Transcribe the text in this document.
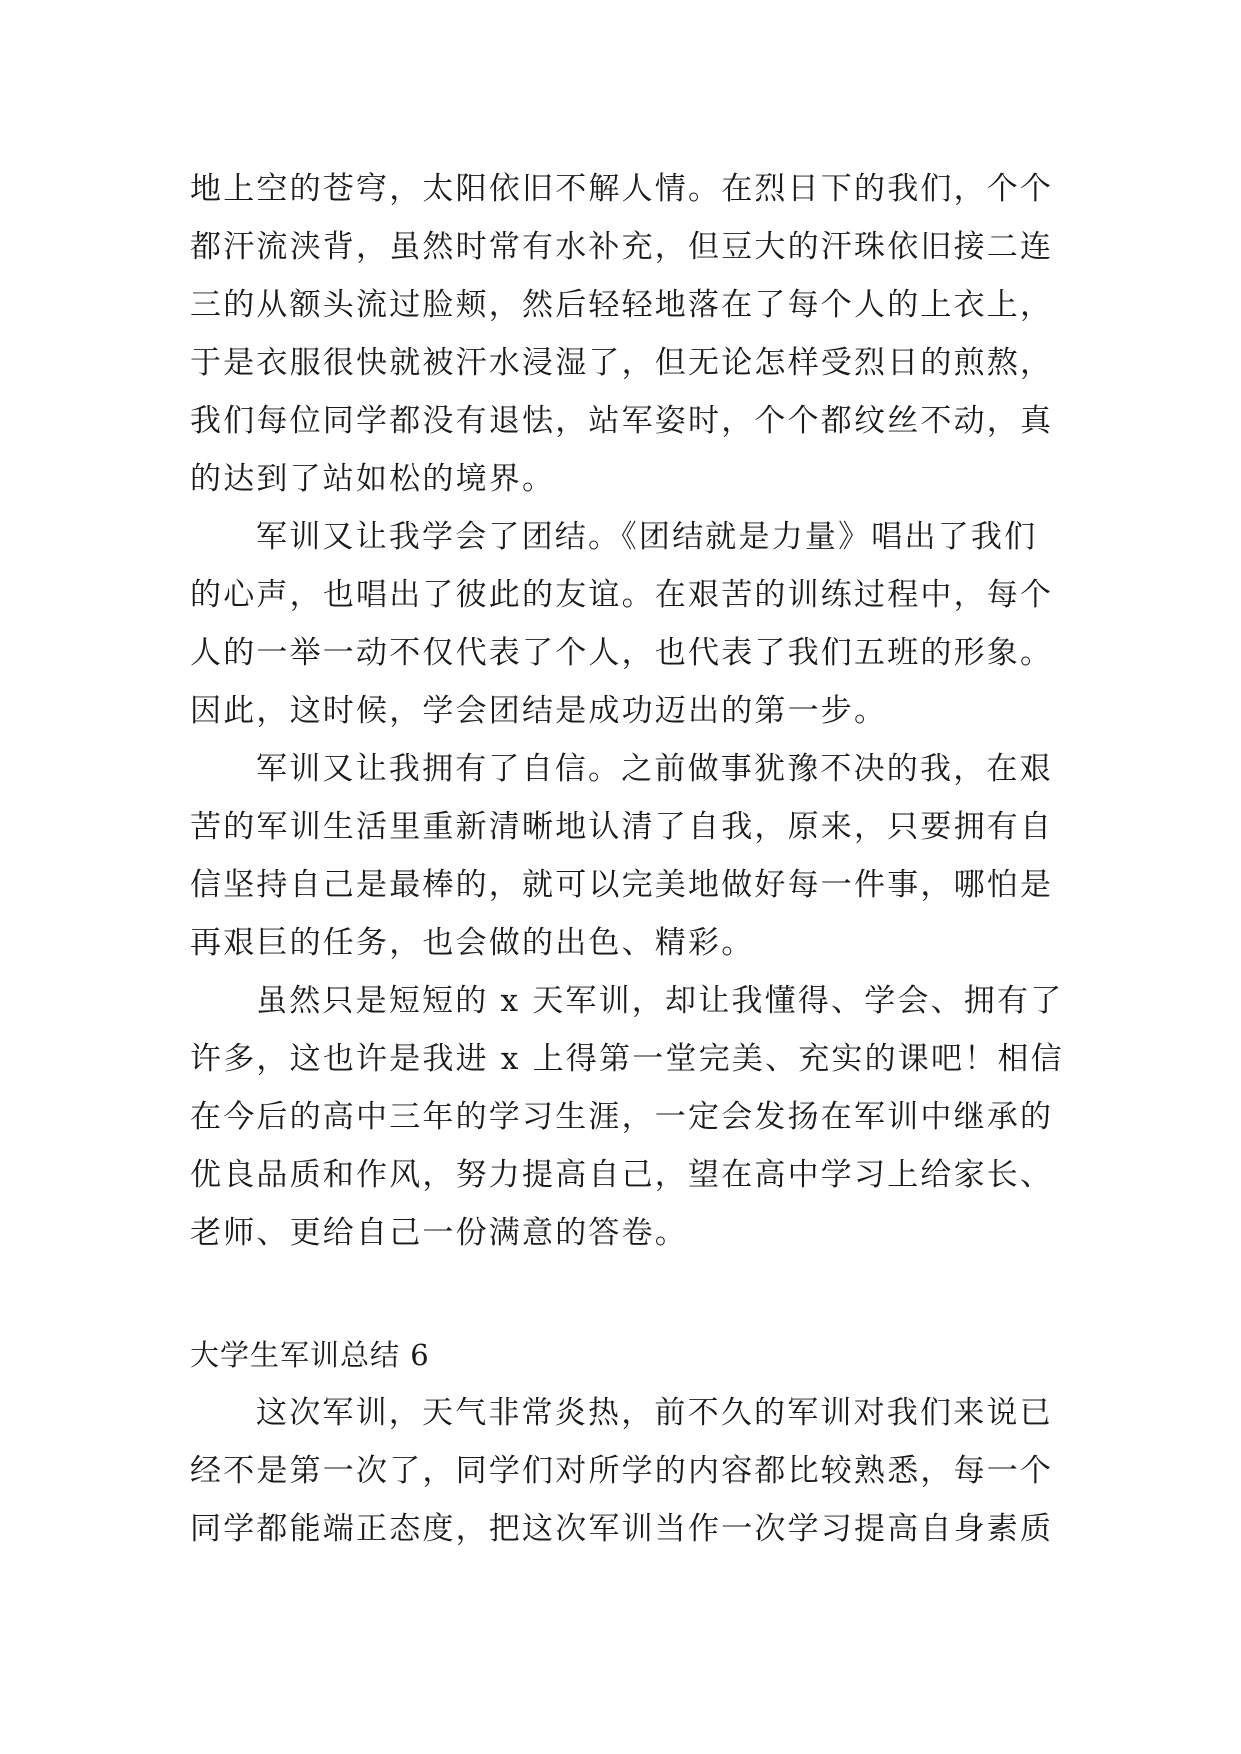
地上空的苍穹，太阳依旧不解人情。在烈日下的我们，个个
都汗流浃背，虽然时常有水补充，但豆大的汗珠依旧接二连
三的从额头流过脸颊，然后轻轻地落在了每个人的上衣上，
于是衣服很快就被汗水浸湿了，但无论怎样受烈日的煎熬，
我们每位同学都没有退怯，站军姿时，个个都纹丝不动，真
的达到了站如松的境界。
军训又让我学会了团结。《团结就是力量》唱出了我们
的心声，也唱出了彼此的友谊。在艰苦的训练过程中，每个
人的一举一动不仅代表了个人，也代表了我们五班的形象。
因此，这时候，学会团结是成功迈出的第一步。
军训又让我拥有了自信。之前做事犹豫不决的我，在艰
苦的军训生活里重新清晰地认清了自我，原来，只要拥有自
信坚持自己是最棒的，就可以完美地做好每一件事，哪怕是
再艰巨的任务，也会做的出色、精彩。
虽然只是短短的 x 天军训，却让我懂得、学会、拥有了
许多，这也许是我进 x 上得第一堂完美、充实的课吧！相信
在今后的高中三年的学习生涯，一定会发扬在军训中继承的
优良品质和作风，努力提高自己，望在高中学习上给家长、
老师、更给自己一份满意的答卷。
大学生军训总结 6
这次军训，天气非常炎热，前不久的军训对我们来说已
经不是第一次了，同学们对所学的内容都比较熟悉，每一个
同学都能端正态度，把这次军训当作一次学习提高自身素质
